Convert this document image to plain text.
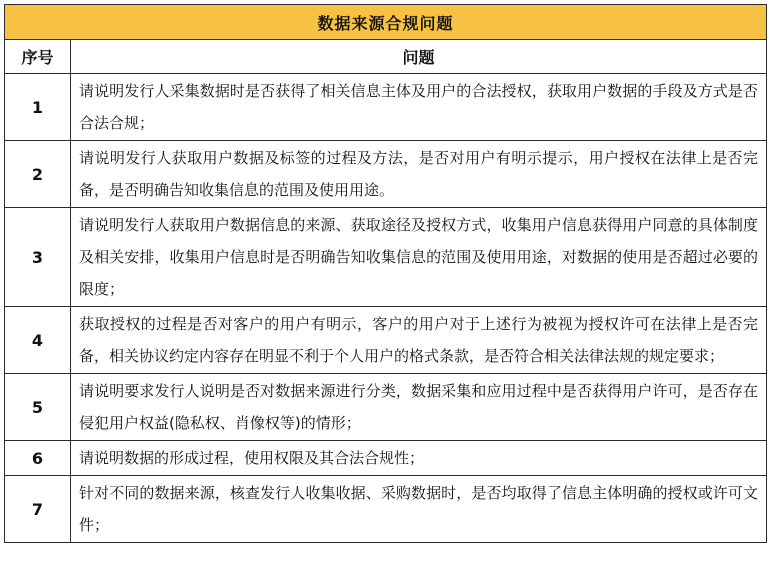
数据来源合规问题	
序号	问题
1	请说明发行人采集数据时是否获得了相关信息主体及用户的合法授权，获取用户数据的手段及方式是否合法合规；
2	请说明发行人获取用户数据及标签的过程及方法，是否对用户有明示提示，用户授权在法律上是否完备，是否明确告知收集信息的范围及使用用途。
3	请说明发行人获取用户数据信息的来源、获取途径及授权方式，收集用户信息获得用户同意的具体制度及相关安排，收集用户信息时是否明确告知收集信息的范围及使用用途，对数据的使用是否超过必要的限度；
4	获取授权的过程是否对客户的用户有明示，客户的用户对于上述行为被视为授权许可在法律上是否完备，相关协议约定内容存在明显不利于个人用户的格式条款，是否符合相关法律法规的规定要求；
5	请说明要求发行人说明是否对数据来源进行分类，数据采集和应用过程中是否获得用户许可，是否存在侵犯用户权益(隐私权、肖像权等)的情形；
6	请说明数据的形成过程，使用权限及其合法合规性；
7	针对不同的数据来源，核查发行人收集收据、采购数据时，是否均取得了信息主体明确的授权或许可文件；
